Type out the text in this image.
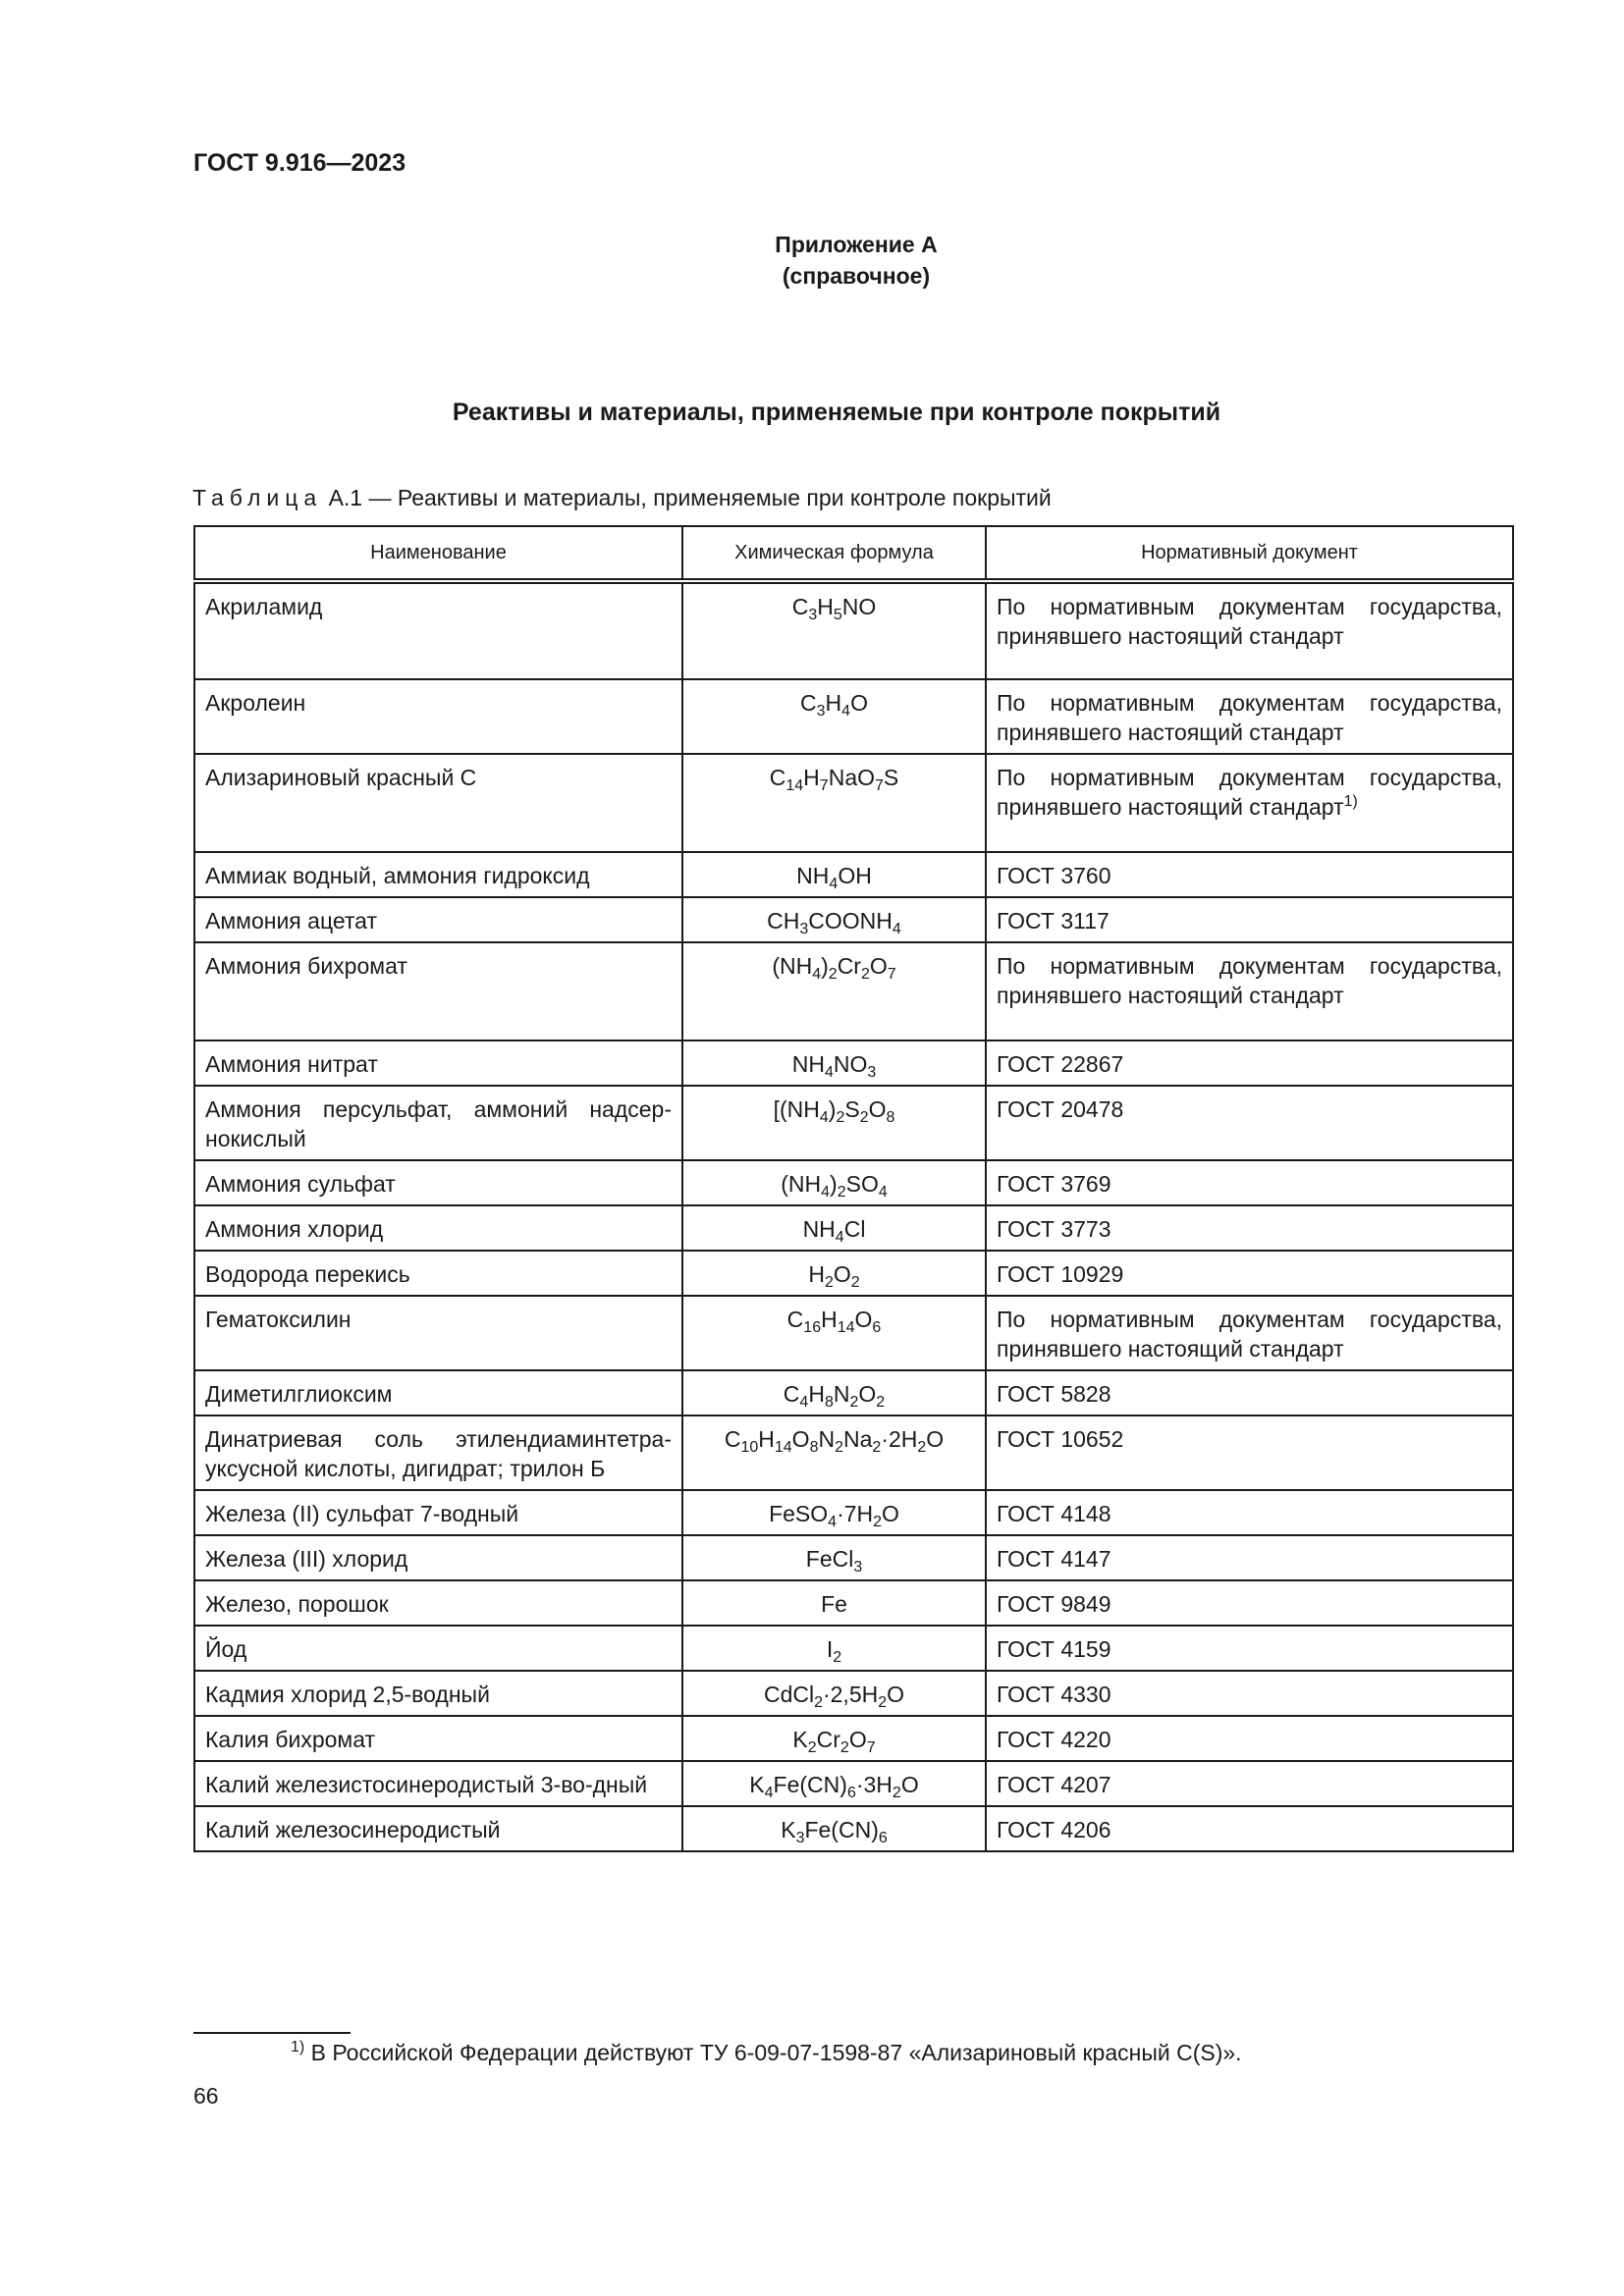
ГОСТ 9.916—2023
Приложение А
(справочное)
Реактивы и материалы, применяемые при контроле покрытий
Таблица А.1 — Реактивы и материалы, применяемые при контроле покрытий
Наименование	Химическая формула	Нормативный документ
Акриламид	$C_3H_5NO$	По нормативным документам государства, принявшего настоящий стандарт
Акролеин	$C_3H_4O$	По нормативным документам государства, принявшего настоящий стандарт
Ализариновый красный С	$C_{14}H_7NaO_7S$	По нормативным документам государства, принявшего настоящий стандарт$^{1)}$
Аммиак водный, аммония гидроксид	$NH_4OH$	ГОСТ 3760
Аммония ацетат	$CH_3COONH_4$	ГОСТ 3117
Аммония бихромат	$(NH_4)_2Cr_2O_7$	По нормативным документам государства, принявшего настоящий стандарт
Аммония нитрат	$NH_4NO_3$	ГОСТ 22867
Аммония персульфат, аммоний надсер-нокислый	[$(NH_4)_2S_2O_8$	ГОСТ 20478
Аммония сульфат	$(NH_4)_2SO_4$	ГОСТ 3769
Аммония хлорид	$NH_4Cl$	ГОСТ 3773
Водорода перекись	$H_2O_2$	ГОСТ 10929
Гематоксилин	$C_{16}H_{14}O_6$	По нормативным документам государства, принявшего настоящий стандарт
Диметилглиоксим	$C_4H_8N_2O_2$	ГОСТ 5828
Динатриевая соль этилендиаминтетра-уксусной кислоты, дигидрат; трилон Б	$C_{10}H_{14}O_8N_2Na_2\cdot 2H_2O$	ГОСТ 10652
Железа (II) сульфат 7-водный	$FeSO_4\cdot 7H_2O$	ГОСТ 4148
Железа (III) хлорид	FeCl$_3$	ГОСТ 4147
Железо, порошок	Fe	ГОСТ 9849
Йод	$I_2$	ГОСТ 4159
Кадмия хлорид 2,5-водный	$CdCl_2\cdot 2,5H_2O$	ГОСТ 4330
Калия бихромат	$K_2Cr_2O_7$	ГОСТ 4220
Калий железистосинеродистый 3-во-дный	$K_4Fe(CN)_6\cdot 3H_2O$	ГОСТ 4207
Калий железосинеродистый	$K_3Fe(CN)_6$	ГОСТ 4206
$^{1)}$ В Российской Федерации действуют ТУ 6-09-07-1598-87 «Ализариновый красный С(S)».
66
